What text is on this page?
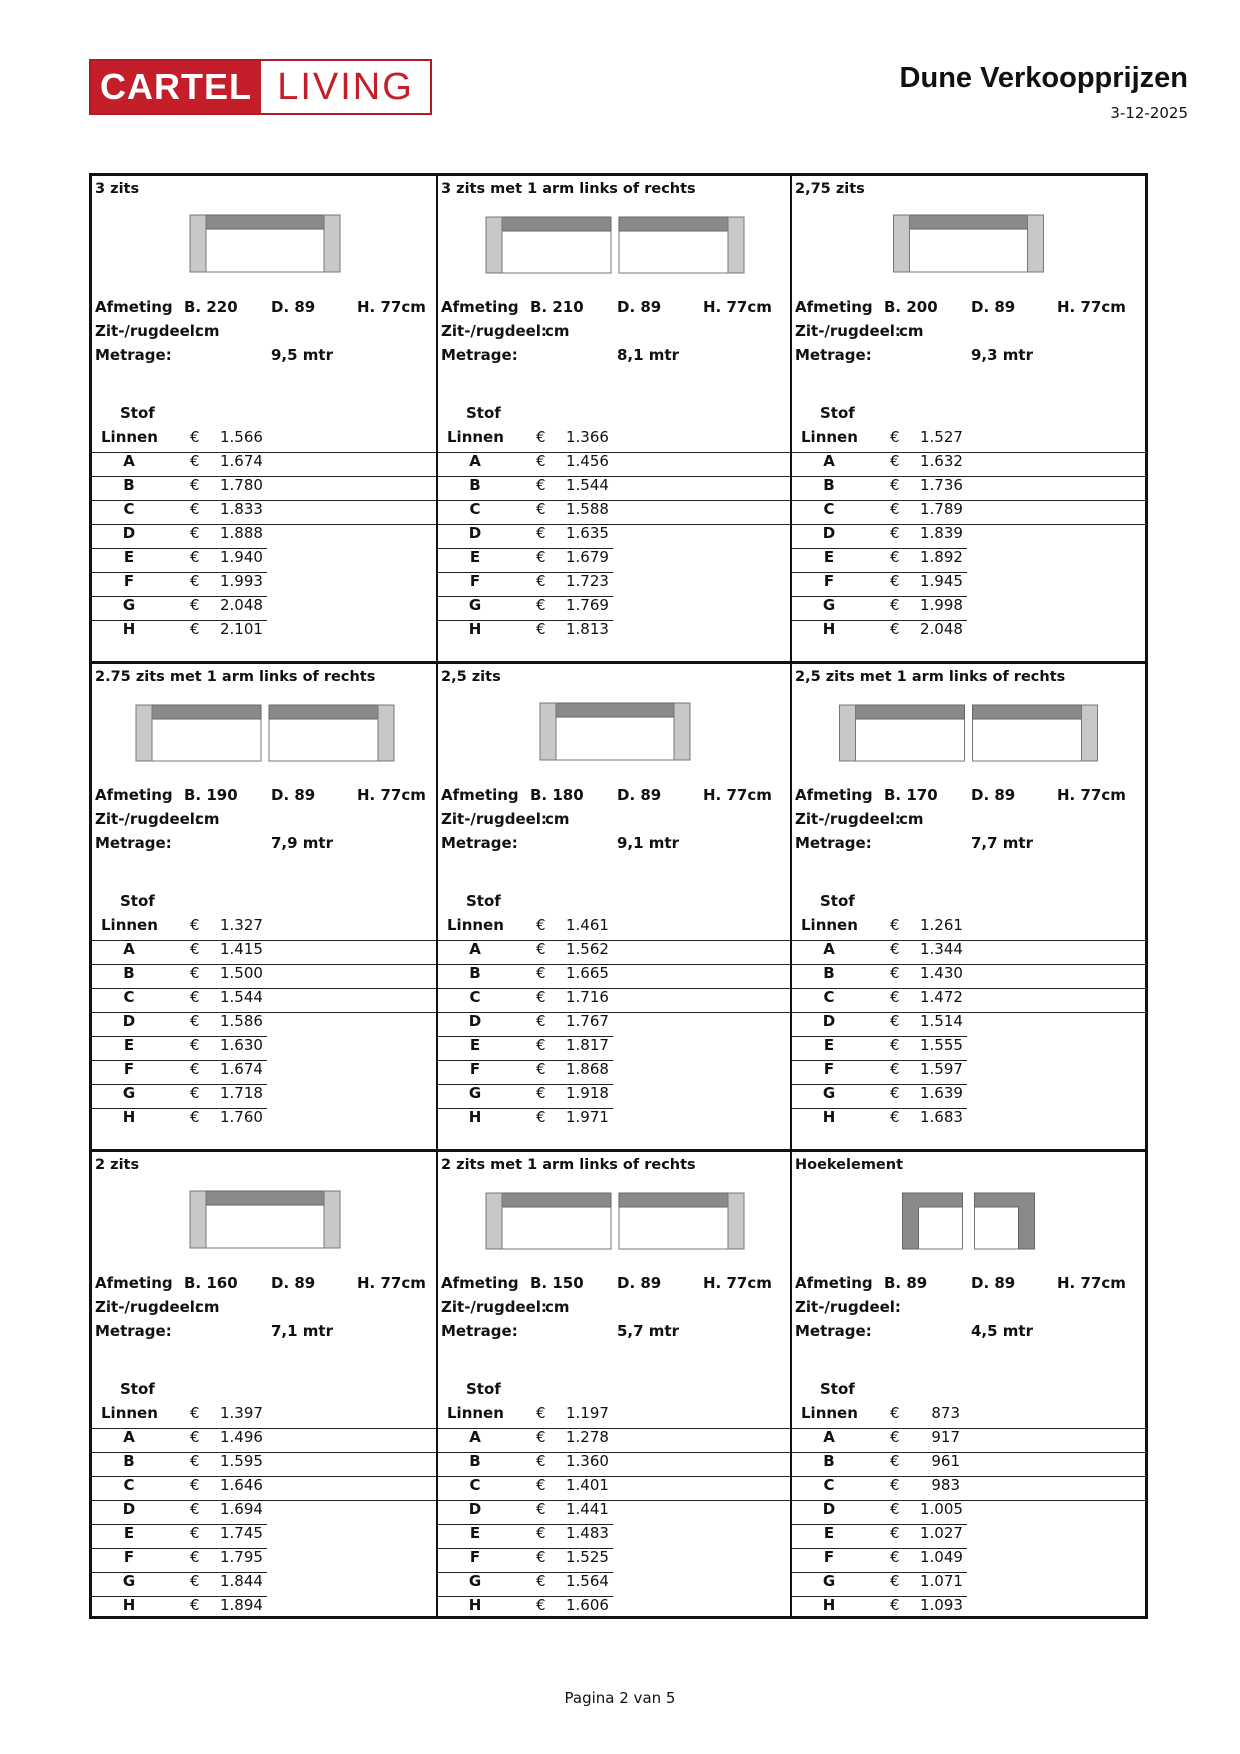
CARTEL LIVING	Dune Verkoopprijzen
3-12-2025
3 zits
Afmeting B. 220 D. 89	H. 77cm
Zit-/rugdeel:
cm
Metrage:	9,5 mtr
Stof
Linnen € 1.566
A	€ 1.674
B	€ 1.780
C	€ 1.833
D	€ 1.888
E	€ 1.940
F	€ 1.993
G	€ 2.048
H	€ 2.101
3 zits met 1 arm links of rechts
Afmeting B. 210 D. 89	H. 77cm
Zit-/rugdeel:
cm
Metrage:	8,1 mtr
Stof
Linnen € 1.366
A	€ 1.456
B	€ 1.544
C	€ 1.588
D	€ 1.635
E	€ 1.679
F	€ 1.723
G	€ 1.769
H	€ 1.813
2,75 zits
Afmeting B. 200 D. 89	H. 77cm
Zit-/rugdeel:
cm
Metrage:	9,3 mtr
Stof
Linnen € 1.527
A	€ 1.632
B	€ 1.736
C	€ 1.789
D	€ 1.839
E	€ 1.892
F	€ 1.945
G	€ 1.998
H	€ 2.048
2.75 zits met 1 arm links of rechts
Afmeting B. 190 D. 89	H. 77cm
Zit-/rugdeel:
cm
Metrage:	7,9 mtr
Stof
Linnen € 1.327
A	€ 1.415
B	€ 1.500
C	€ 1.544
D	€ 1.586
E	€ 1.630
F	€ 1.674
G	€ 1.718
H	€ 1.760
2,5 zits
Afmeting B. 180 D. 89	H. 77cm
Zit-/rugdeel:
cm
Metrage:	9,1 mtr
Stof
Linnen € 1.461
A	€ 1.562
B	€ 1.665
C	€ 1.716
D	€ 1.767
E	€ 1.817
F	€ 1.868
G	€ 1.918
H	€ 1.971
2,5 zits met 1 arm links of rechts
Afmeting B. 170 D. 89	H. 77cm
Zit-/rugdeel:
cm
Metrage:	7,7 mtr
Stof
Linnen € 1.261
A	€ 1.344
B	€ 1.430
C	€ 1.472
D	€ 1.514
E	€ 1.555
F	€ 1.597
G	€ 1.639
H	€ 1.683
2 zits
Afmeting B. 160 D. 89	H. 77cm
Zit-/rugdeel:
cm
Metrage:	7,1 mtr
Stof
Linnen € 1.397
A	€ 1.496
B	€ 1.595
C	€ 1.646
D	€ 1.694
E	€ 1.745
F	€ 1.795
G	€ 1.844
H	€ 1.894
2 zits met 1 arm links of rechts
Afmeting B. 150 D. 89	H. 77cm
Zit-/rugdeel:
cm
Metrage:	5,7 mtr
Stof
Linnen € 1.197
A	€ 1.278
B	€ 1.360
C	€ 1.401
D	€ 1.441
E	€ 1.483
F	€ 1.525
G	€ 1.564
H	€ 1.606
Hoekelement
Afmeting B. 89	D. 89	H. 77cm
Zit-/rugdeel:
Metrage:	4,5 mtr
Stof
Linnen €	873
A	€	917
B	€	961
C	€	983
D	€ 1.005
E	€ 1.027
F	€ 1.049
G	€ 1.071
H	€ 1.093
Pagina 2 van 5
